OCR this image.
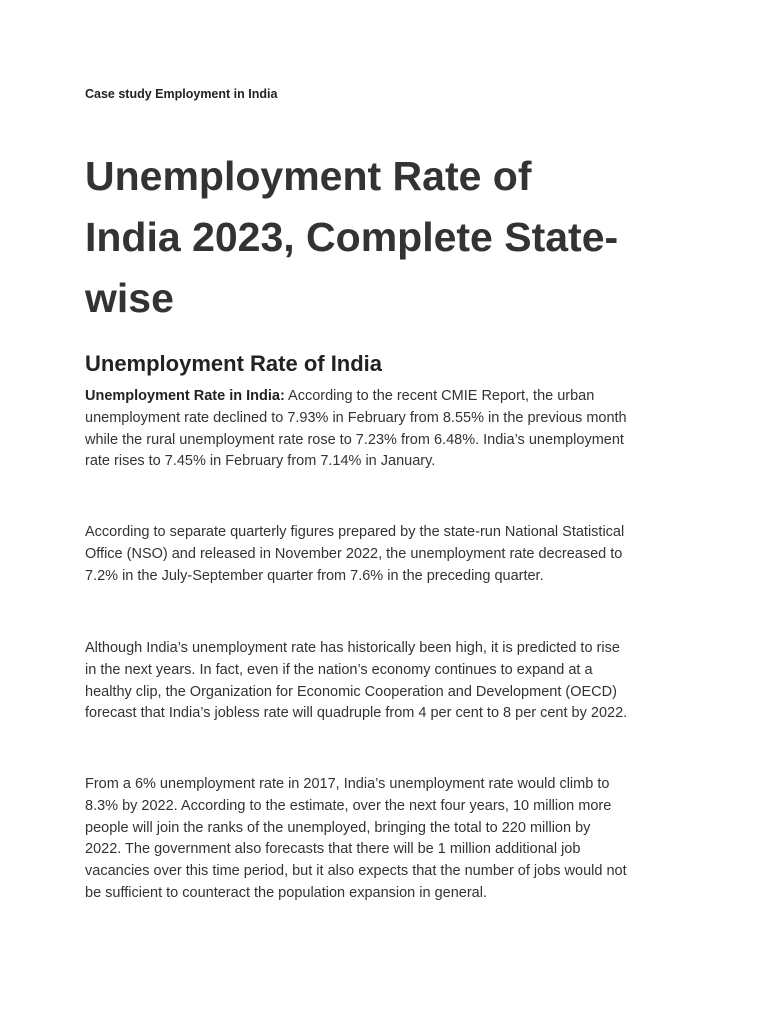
Case study Employment in India
Unemployment Rate of India 2023, Complete State-wise
Unemployment Rate of India

Unemployment Rate in India: According to the recent CMIE Report, the urban unemployment rate declined to 7.93% in February from 8.55% in the previous month while the rural unemployment rate rose to 7.23% from 6.48%. India’s unemployment rate rises to 7.45% in February from 7.14% in January.

According to separate quarterly figures prepared by the state-run National Statistical Office (NSO) and released in November 2022, the unemployment rate decreased to 7.2% in the July-September quarter from 7.6% in the preceding quarter.

Although India’s unemployment rate has historically been high, it is predicted to rise in the next years. In fact, even if the nation’s economy continues to expand at a healthy clip, the Organization for Economic Cooperation and Development (OECD) forecast that India’s jobless rate will quadruple from 4 per cent to 8 per cent by 2022.

From a 6% unemployment rate in 2017, India’s unemployment rate would climb to 8.3% by 2022. According to the estimate, over the next four years, 10 million more people will join the ranks of the unemployed, bringing the total to 220 million by 2022. The government also forecasts that there will be 1 million additional job vacancies over this time period, but it also expects that the number of jobs would not be sufficient to counteract the population expansion in general.
